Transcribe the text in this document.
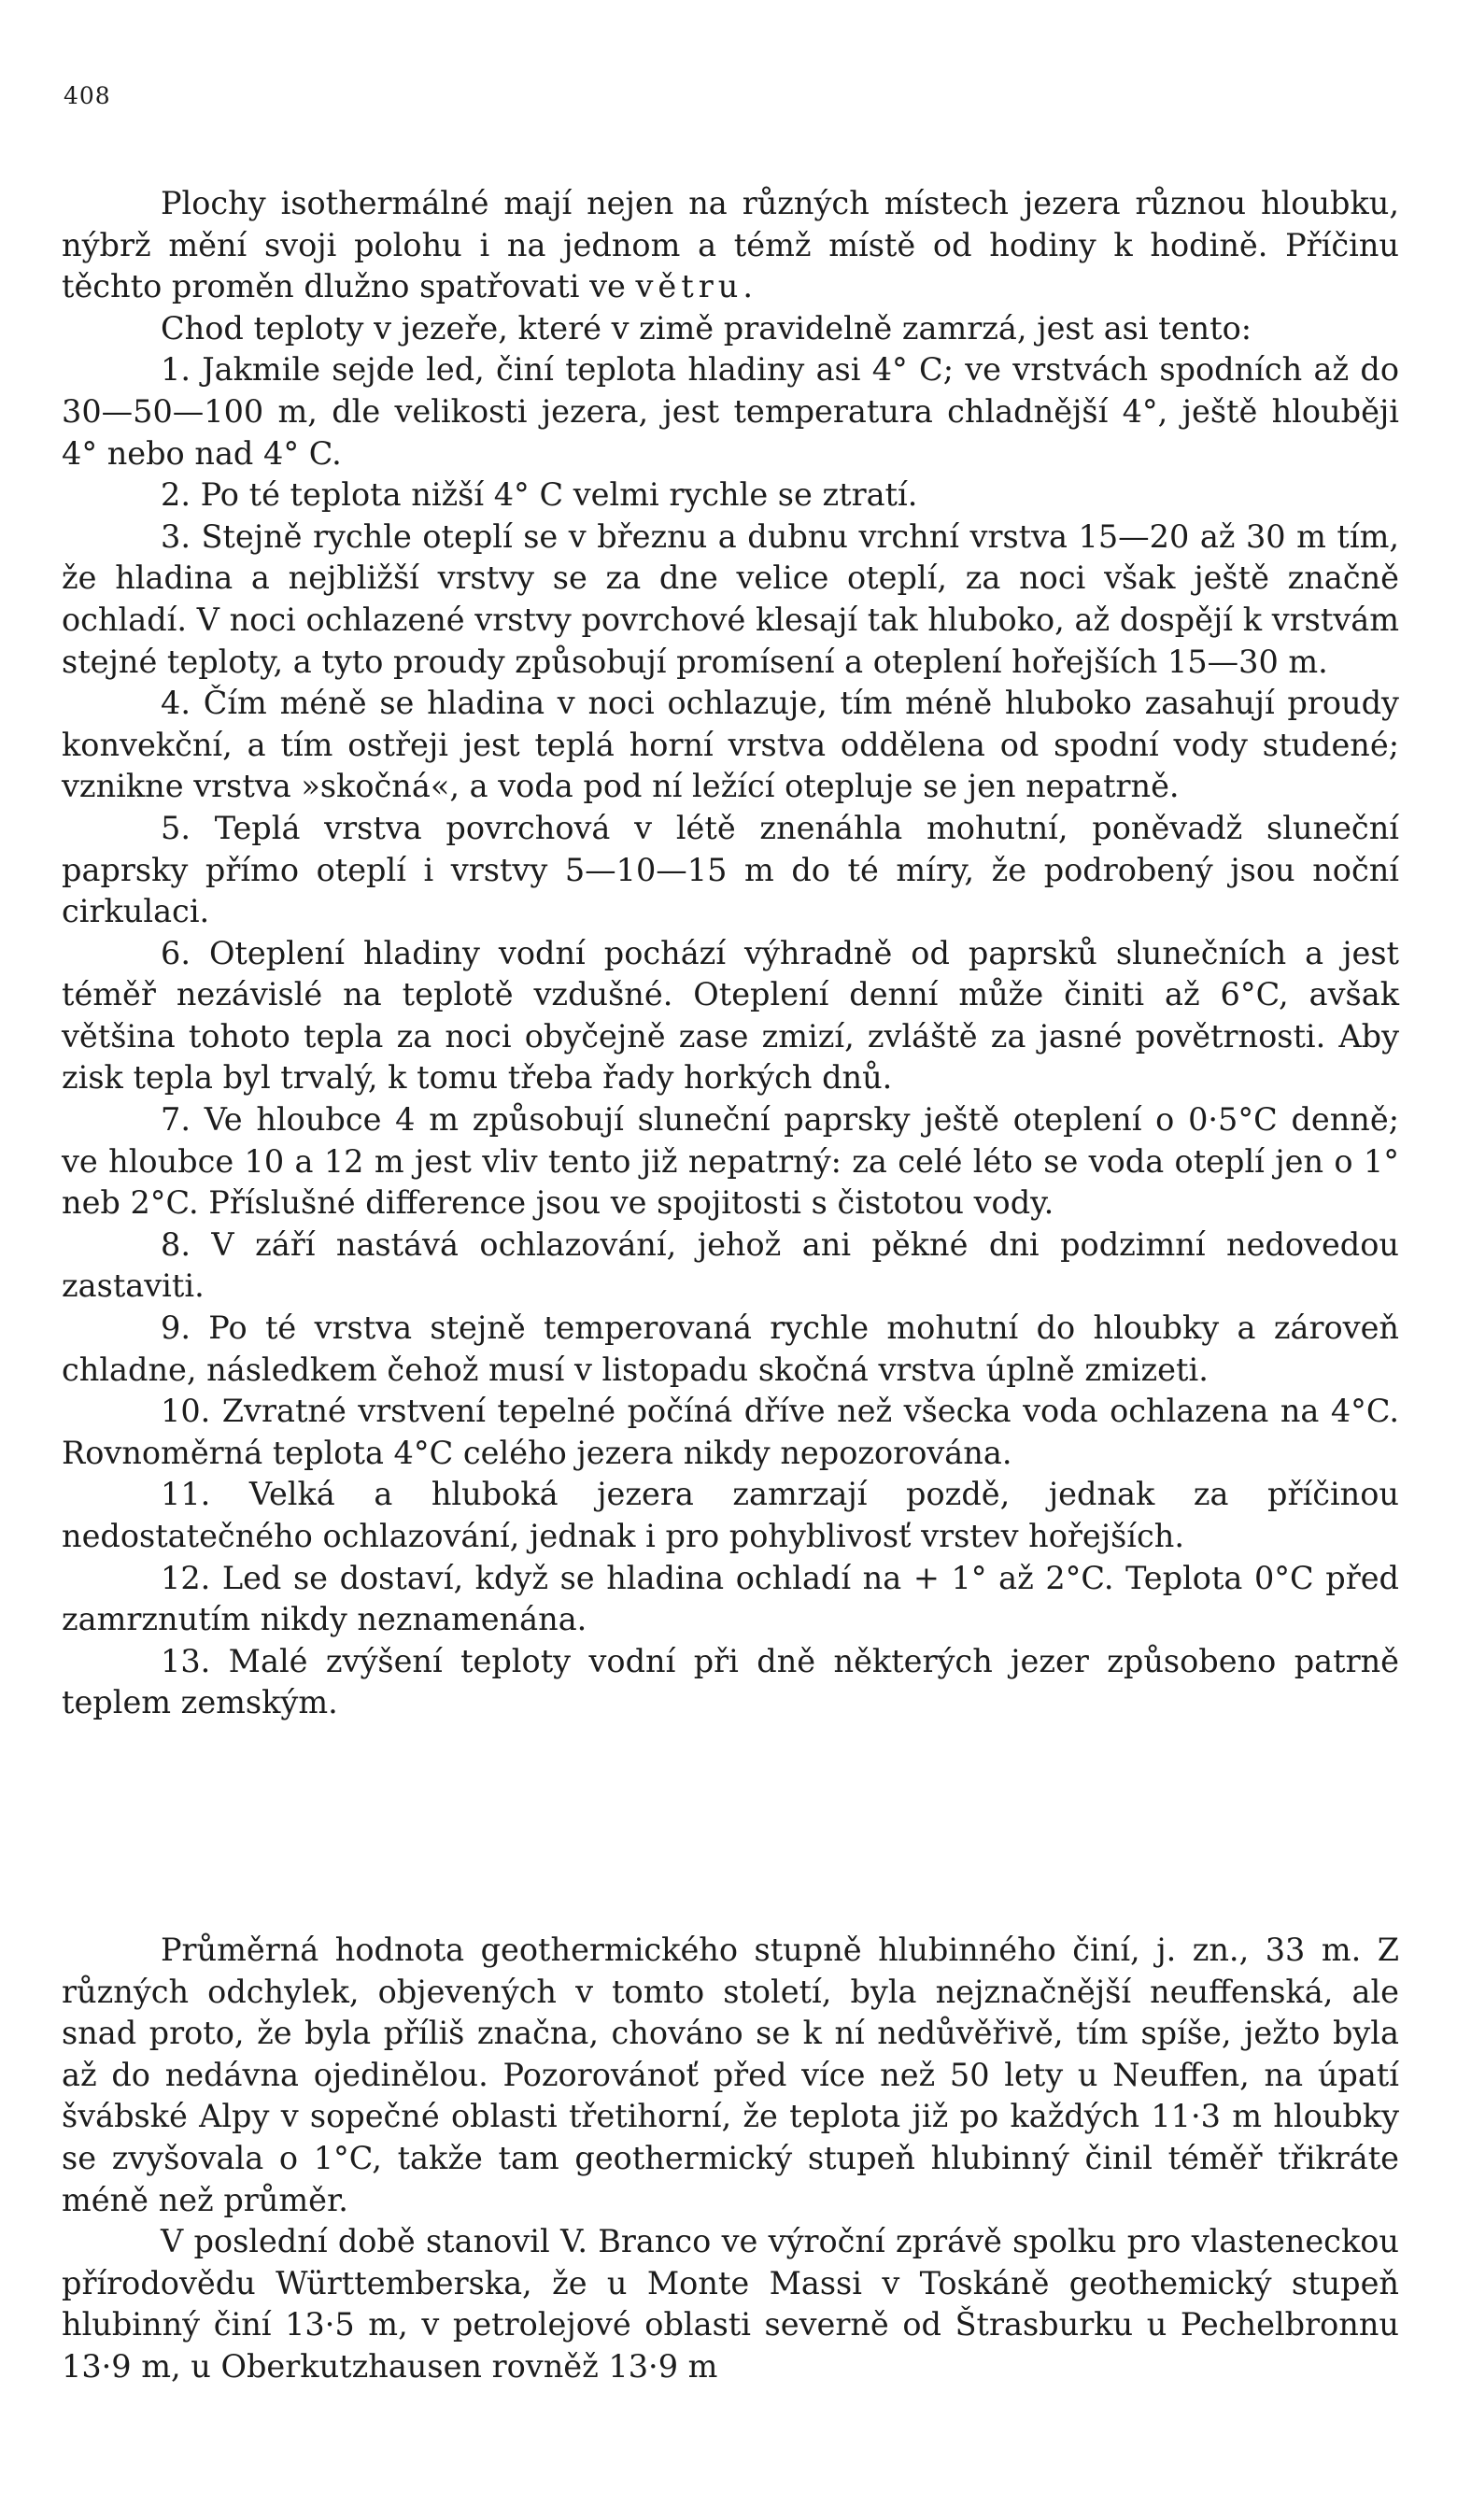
408

Plochy isothermálné mají nejen na různých místech jezera různou hloubku, nýbrž mění svoji polohu i na jednom a témž místě od hodiny k hodině. Příčinu těchto proměn dlužno spatřovati ve větru.

Chod teploty v jezeře, které v zimě pravidelně zamrzá, jest asi tento:

1. Jakmile sejde led, činí teplota hladiny asi 4° C; ve vrstvách spodních až do 30—50—100 m, dle velikosti jezera, jest temperatura chladnější 4°, ještě hlouběji 4° nebo nad 4° C.

2. Po té teplota nižší 4° C velmi rychle se ztratí.

3. Stejně rychle oteplí se v březnu a dubnu vrchní vrstva 15—20 až 30 m tím, že hladina a nejbližší vrstvy se za dne velice oteplí, za noci však ještě značně ochladí. V noci ochlazené vrstvy povrchové klesají tak hluboko, až dospějí k vrstvám stejné teploty, a tyto proudy způsobují promísení a oteplení hořejších 15—30 m.

4. Čím méně se hladina v noci ochlazuje, tím méně hluboko zasahují proudy konvekční, a tím ostřeji jest teplá horní vrstva oddělena od spodní vody studené; vznikne vrstva »skočná«, a voda pod ní ležící otepluje se jen nepatrně.

5. Teplá vrstva povrchová v létě znenáhla mohutní, poněvadž sluneční paprsky přímo oteplí i vrstvy 5—10—15 m do té míry, že podrobený jsou noční cirkulaci.

6. Oteplení hladiny vodní pochází výhradně od paprsků slunečních a jest téměř nezávislé na teplotě vzdušné. Oteplení denní může činiti až 6°C, avšak většina tohoto tepla za noci obyčejně zase zmizí, zvláště za jasné povětrnosti. Aby zisk tepla byl trvalý, k tomu třeba řady horkých dnů.

7. Ve hloubce 4 m způsobují sluneční paprsky ještě oteplení o 0·5°C denně; ve hloubce 10 a 12 m jest vliv tento již nepatrný: za celé léto se voda oteplí jen o 1° neb 2°C. Příslušné difference jsou ve spojitosti s čistotou vody.

8. V září nastává ochlazování, jehož ani pěkné dni podzimní nedovedou zastaviti.

9. Po té vrstva stejně temperovaná rychle mohutní do hloubky a zároveň chladne, následkem čehož musí v listopadu skočná vrstva úplně zmizeti.

10. Zvratné vrstvení tepelné počíná dříve než všecka voda ochlazena na 4°C. Rovnoměrná teplota 4°C celého jezera nikdy nepozorována.

11. Velká a hluboká jezera zamrzají pozdě, jednak za příčinou nedostatečného ochlazování, jednak i pro pohyblivosť vrstev hořejších.

12. Led se dostaví, když se hladina ochladí na + 1° až 2°C. Teplota 0°C před zamrznutím nikdy neznamenána.

13. Malé zvýšení teploty vodní při dně některých jezer způsobeno patrně teplem zemským.

Průměrná hodnota geothermického stupně hlubinného činí, j. zn., 33 m. Z různých odchylek, objevených v tomto století, byla nejznačnější neuffenská, ale snad proto, že byla příliš značna, chováno se k ní nedůvěřivě, tím spíše, ježto byla až do nedávna ojedinělou. Pozorovánoť před více než 50 lety u Neuffen, na úpatí švábské Alpy v sopečné oblasti třetihorní, že teplota již po každých 11·3 m hloubky se zvyšovala o 1°C, takže tam geothermický stupeň hlubinný činil téměř třikráte méně než průměr.

V poslední době stanovil V. Branco ve výroční zprávě spolku pro vlasteneckou přírodovědu Württemberska, že u Monte Massi v Toskáně geothemický stupeň hlubinný činí 13·5 m, v petrolejové oblasti severně od Štrasburku u Pechelbronnu 13·9 m, u Oberkutzhausen rovněž 13·9 m
